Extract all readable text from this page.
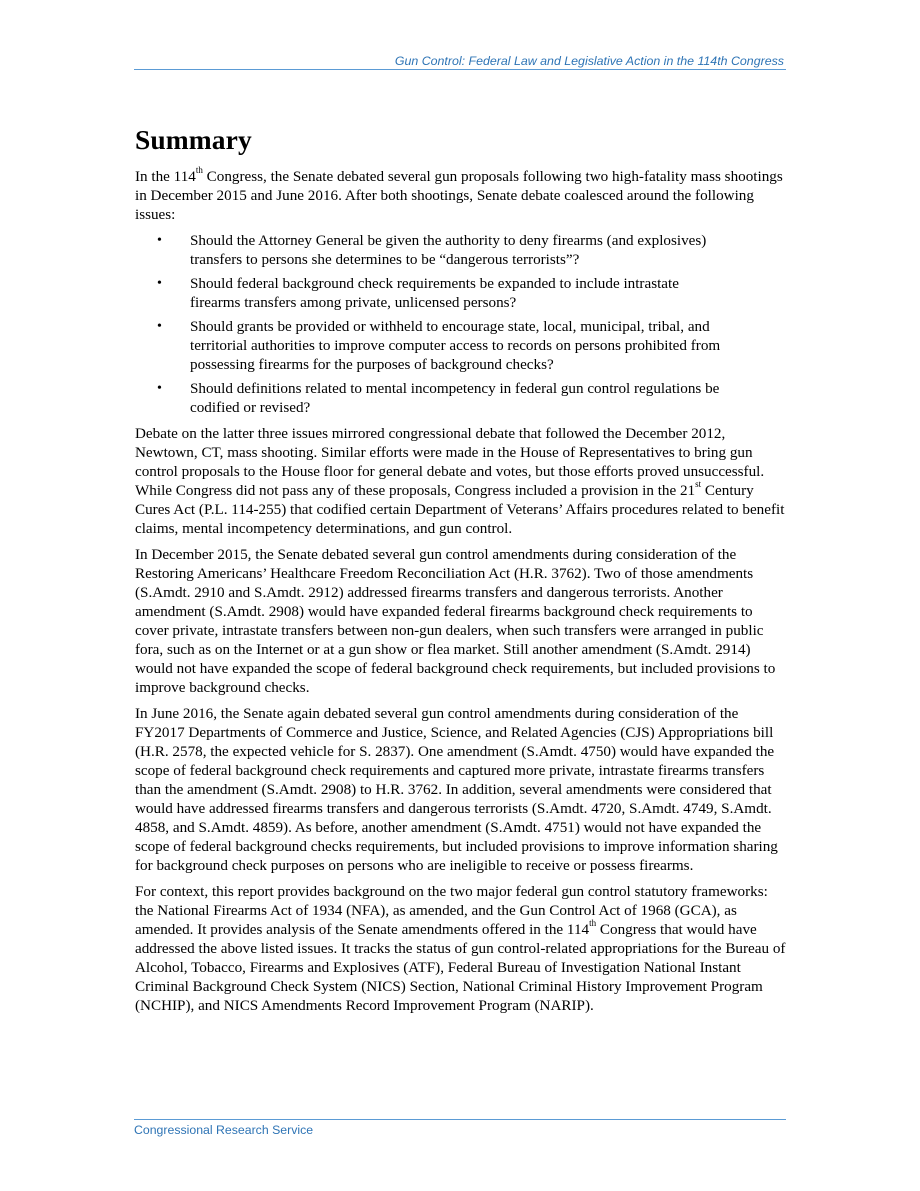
Gun Control: Federal Law and Legislative Action in the 114th Congress
Summary

In the 114th Congress, the Senate debated several gun proposals following two high-fatality mass shootings in December 2015 and June 2016. After both shootings, Senate debate coalesced around the following issues:

• Should the Attorney General be given the authority to deny firearms (and explosives) transfers to persons she determines to be “dangerous terrorists”?
• Should federal background check requirements be expanded to include intrastate firearms transfers among private, unlicensed persons?
• Should grants be provided or withheld to encourage state, local, municipal, tribal, and territorial authorities to improve computer access to records on persons prohibited from possessing firearms for the purposes of background checks?
• Should definitions related to mental incompetency in federal gun control regulations be codified or revised?

Debate on the latter three issues mirrored congressional debate that followed the December 2012, Newtown, CT, mass shooting. Similar efforts were made in the House of Representatives to bring gun control proposals to the House floor for general debate and votes, but those efforts proved unsuccessful. While Congress did not pass any of these proposals, Congress included a provision in the 21st Century Cures Act (P.L. 114-255) that codified certain Department of Veterans’ Affairs procedures related to benefit claims, mental incompetency determinations, and gun control.

In December 2015, the Senate debated several gun control amendments during consideration of the Restoring Americans’ Healthcare Freedom Reconciliation Act (H.R. 3762). Two of those amendments (S.Amdt. 2910 and S.Amdt. 2912) addressed firearms transfers and dangerous terrorists. Another amendment (S.Amdt. 2908) would have expanded federal firearms background check requirements to cover private, intrastate transfers between non-gun dealers, when such transfers were arranged in public fora, such as on the Internet or at a gun show or flea market. Still another amendment (S.Amdt. 2914) would not have expanded the scope of federal background check requirements, but included provisions to improve background checks.

In June 2016, the Senate again debated several gun control amendments during consideration of the FY2017 Departments of Commerce and Justice, Science, and Related Agencies (CJS) Appropriations bill (H.R. 2578, the expected vehicle for S. 2837). One amendment (S.Amdt. 4750) would have expanded the scope of federal background check requirements and captured more private, intrastate firearms transfers than the amendment (S.Amdt. 2908) to H.R. 3762. In addition, several amendments were considered that would have addressed firearms transfers and dangerous terrorists (S.Amdt. 4720, S.Amdt. 4749, S.Amdt. 4858, and S.Amdt. 4859). As before, another amendment (S.Amdt. 4751) would not have expanded the scope of federal background checks requirements, but included provisions to improve information sharing for background check purposes on persons who are ineligible to receive or possess firearms.

For context, this report provides background on the two major federal gun control statutory frameworks: the National Firearms Act of 1934 (NFA), as amended, and the Gun Control Act of 1968 (GCA), as amended. It provides analysis of the Senate amendments offered in the 114th Congress that would have addressed the above listed issues. It tracks the status of gun control-related appropriations for the Bureau of Alcohol, Tobacco, Firearms and Explosives (ATF), Federal Bureau of Investigation National Instant Criminal Background Check System (NICS) Section, National Criminal History Improvement Program (NCHIP), and NICS Amendments Record Improvement Program (NARIP).

Congressional Research Service
